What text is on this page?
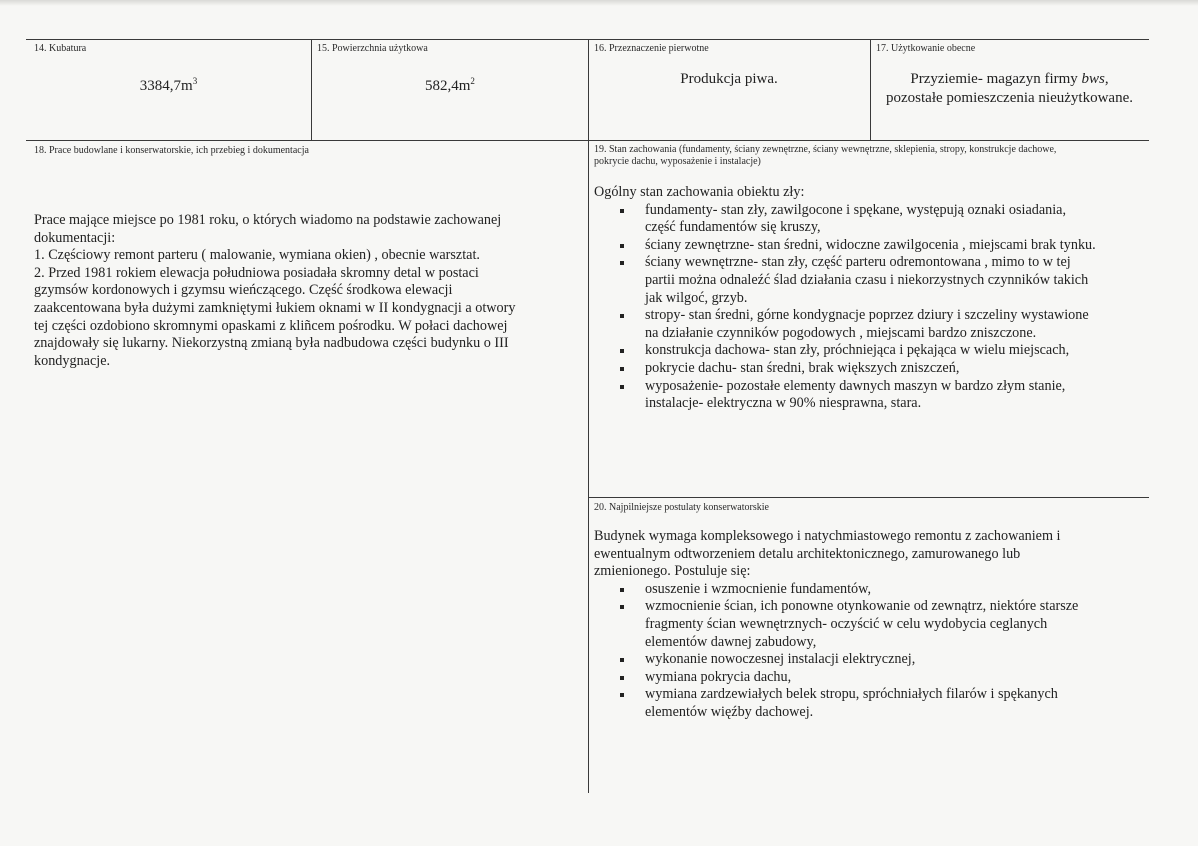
14. Kubatura
$3384,7m^3$
15. Powierzchnia użytkowa
$582,4m^2$
16. Przeznaczenie pierwotne
Produkcja piwa.
17. Użytkowanie obecne
Przyziemie- magazyn firmy bws,
pozostałe pomieszczenia nieużytkowane.
18. Prace budowlane i konserwatorskie, ich przebieg i dokumentacja

Prace mające miejsce po 1981 roku, o których wiadomo na podstawie zachowanej

dokumentacji:

1. Częściowy remont parteru ( malowanie, wymiana okien) , obecnie warsztat.

2. Przed 1981 rokiem elewacja południowa posiadała skromny detal w postaci

gzymsów kordonowych i gzymsu wieńczącego. Część środkowa elewacji

zaakcentowana była dużymi zamkniętymi łukiem oknami w II kondygnacji a otwory

tej części ozdobiono skromnymi opaskami z kliñcem pośrodku. W połaci dachowej

znajdowały się lukarny. Niekorzystną zmianą była nadbudowa części budynku o III

kondygnacje.

19. Stan zachowania (fundamenty, ściany zewnętrzne, ściany wewnętrzne, sklepienia, stropy, konstrukcje dachowe,
pokrycie dachu, wyposażenie i instalacje)

Ogólny stan zachowania obiektu zły:

fundamenty- stan zły, zawilgocone i spękane, występują oznaki osiadania,
część fundamentów się kruszy,
ściany zewnętrzne- stan średni, widoczne zawilgocenia , miejscami brak tynku.
ściany wewnętrzne- stan zły, część parteru odremontowana , mimo to w tej
partii można odnaleźć ślad działania czasu i niekorzystnych czynników takich
jak wilgoć, grzyb.
stropy- stan średni, górne kondygnacje poprzez dziury i szczeliny wystawione
na działanie czynników pogodowych , miejscami bardzo zniszczone.
konstrukcja dachowa- stan zły, próchniejąca i pękająca w wielu miejscach,
pokrycie dachu- stan średni, brak większych zniszczeń,
wyposażenie- pozostałe elementy dawnych maszyn w bardzo złym stanie,
instalacje- elektryczna w 90% niesprawna, stara.
20. Najpilniejsze postulaty konserwatorskie

Budynek wymaga kompleksowego i natychmiastowego remontu z zachowaniem i

ewentualnym odtworzeniem detalu architektonicznego, zamurowanego lub

zmienionego. Postuluje się:

osuszenie i wzmocnienie fundamentów,
wzmocnienie ścian, ich ponowne otynkowanie od zewnątrz, niektóre starsze
fragmenty ścian wewnętrznych- oczyścić w celu wydobycia ceglanych
elementów dawnej zabudowy,
wykonanie nowoczesnej instalacji elektrycznej,
wymiana pokrycia dachu,
wymiana zardzewiałych belek stropu, spróchniałych filarów i spękanych
elementów więźby dachowej.
